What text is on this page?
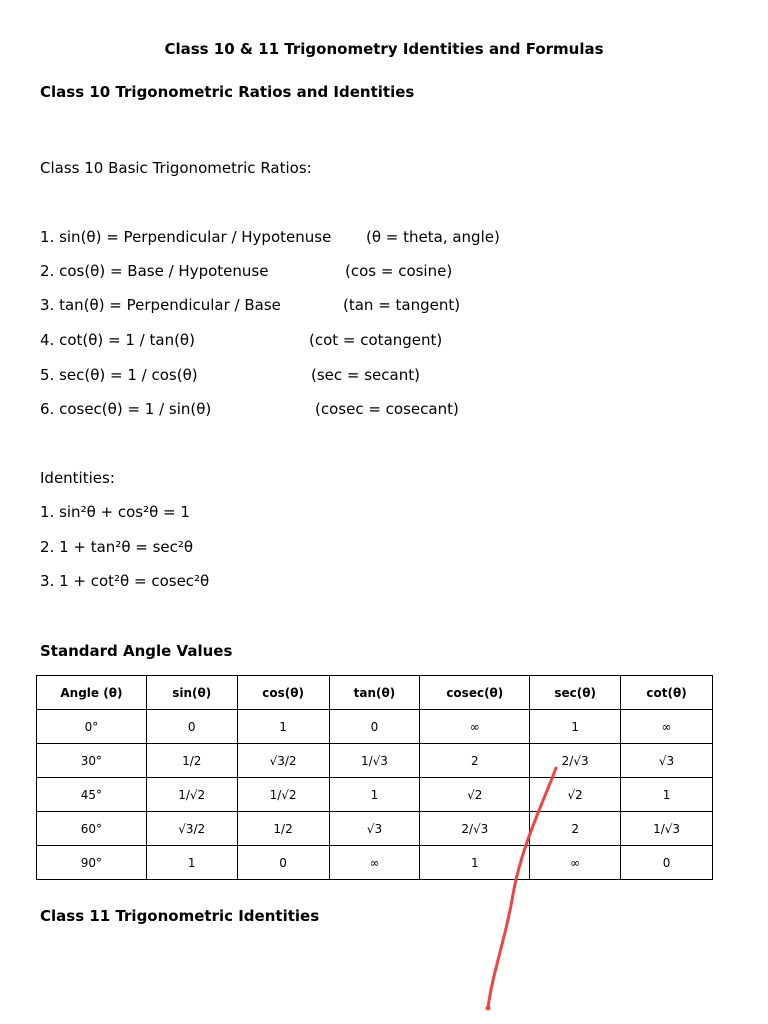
Class 10 & 11 Trigonometry Identities and Formulas
Class 10 Trigonometric Ratios and Identities
Class 10 Basic Trigonometric Ratios:
1. sin(θ) = Perpendicular / Hypotenuse (θ = theta, angle)
2. cos(θ) = Base / Hypotenuse	(cos = cosine)
3. tan(θ) = Perpendicular / Base	(tan = tangent)
4. cot(θ) = 1 / tan(θ)	(cot = cotangent)
5. sec(θ) = 1 / cos(θ)	(sec = secant)
6. cosec(θ) = 1 / sin(θ)	(cosec = cosecant)
Identities:
1. sin²θ + cos²θ = 1
2. 1 + tan²θ = sec²θ
3. 1 + cot²θ = cosec²θ
Standard Angle Values
Angle (θ)	sin(θ)	cos(θ)	tan(θ)	cosec(θ)	sec(θ)	cot(θ)
0°	0	1	0	∞	1	∞
30°	1/2	√3/2	1/√3	2	2/√3	√3
45°	1/√2	1/√2	1	√2	√2	1
60°	√3/2	1/2	√3	2/√3	2	1/√3
90°	1	0	∞	1	∞	0
Class 11 Trigonometric Identities
